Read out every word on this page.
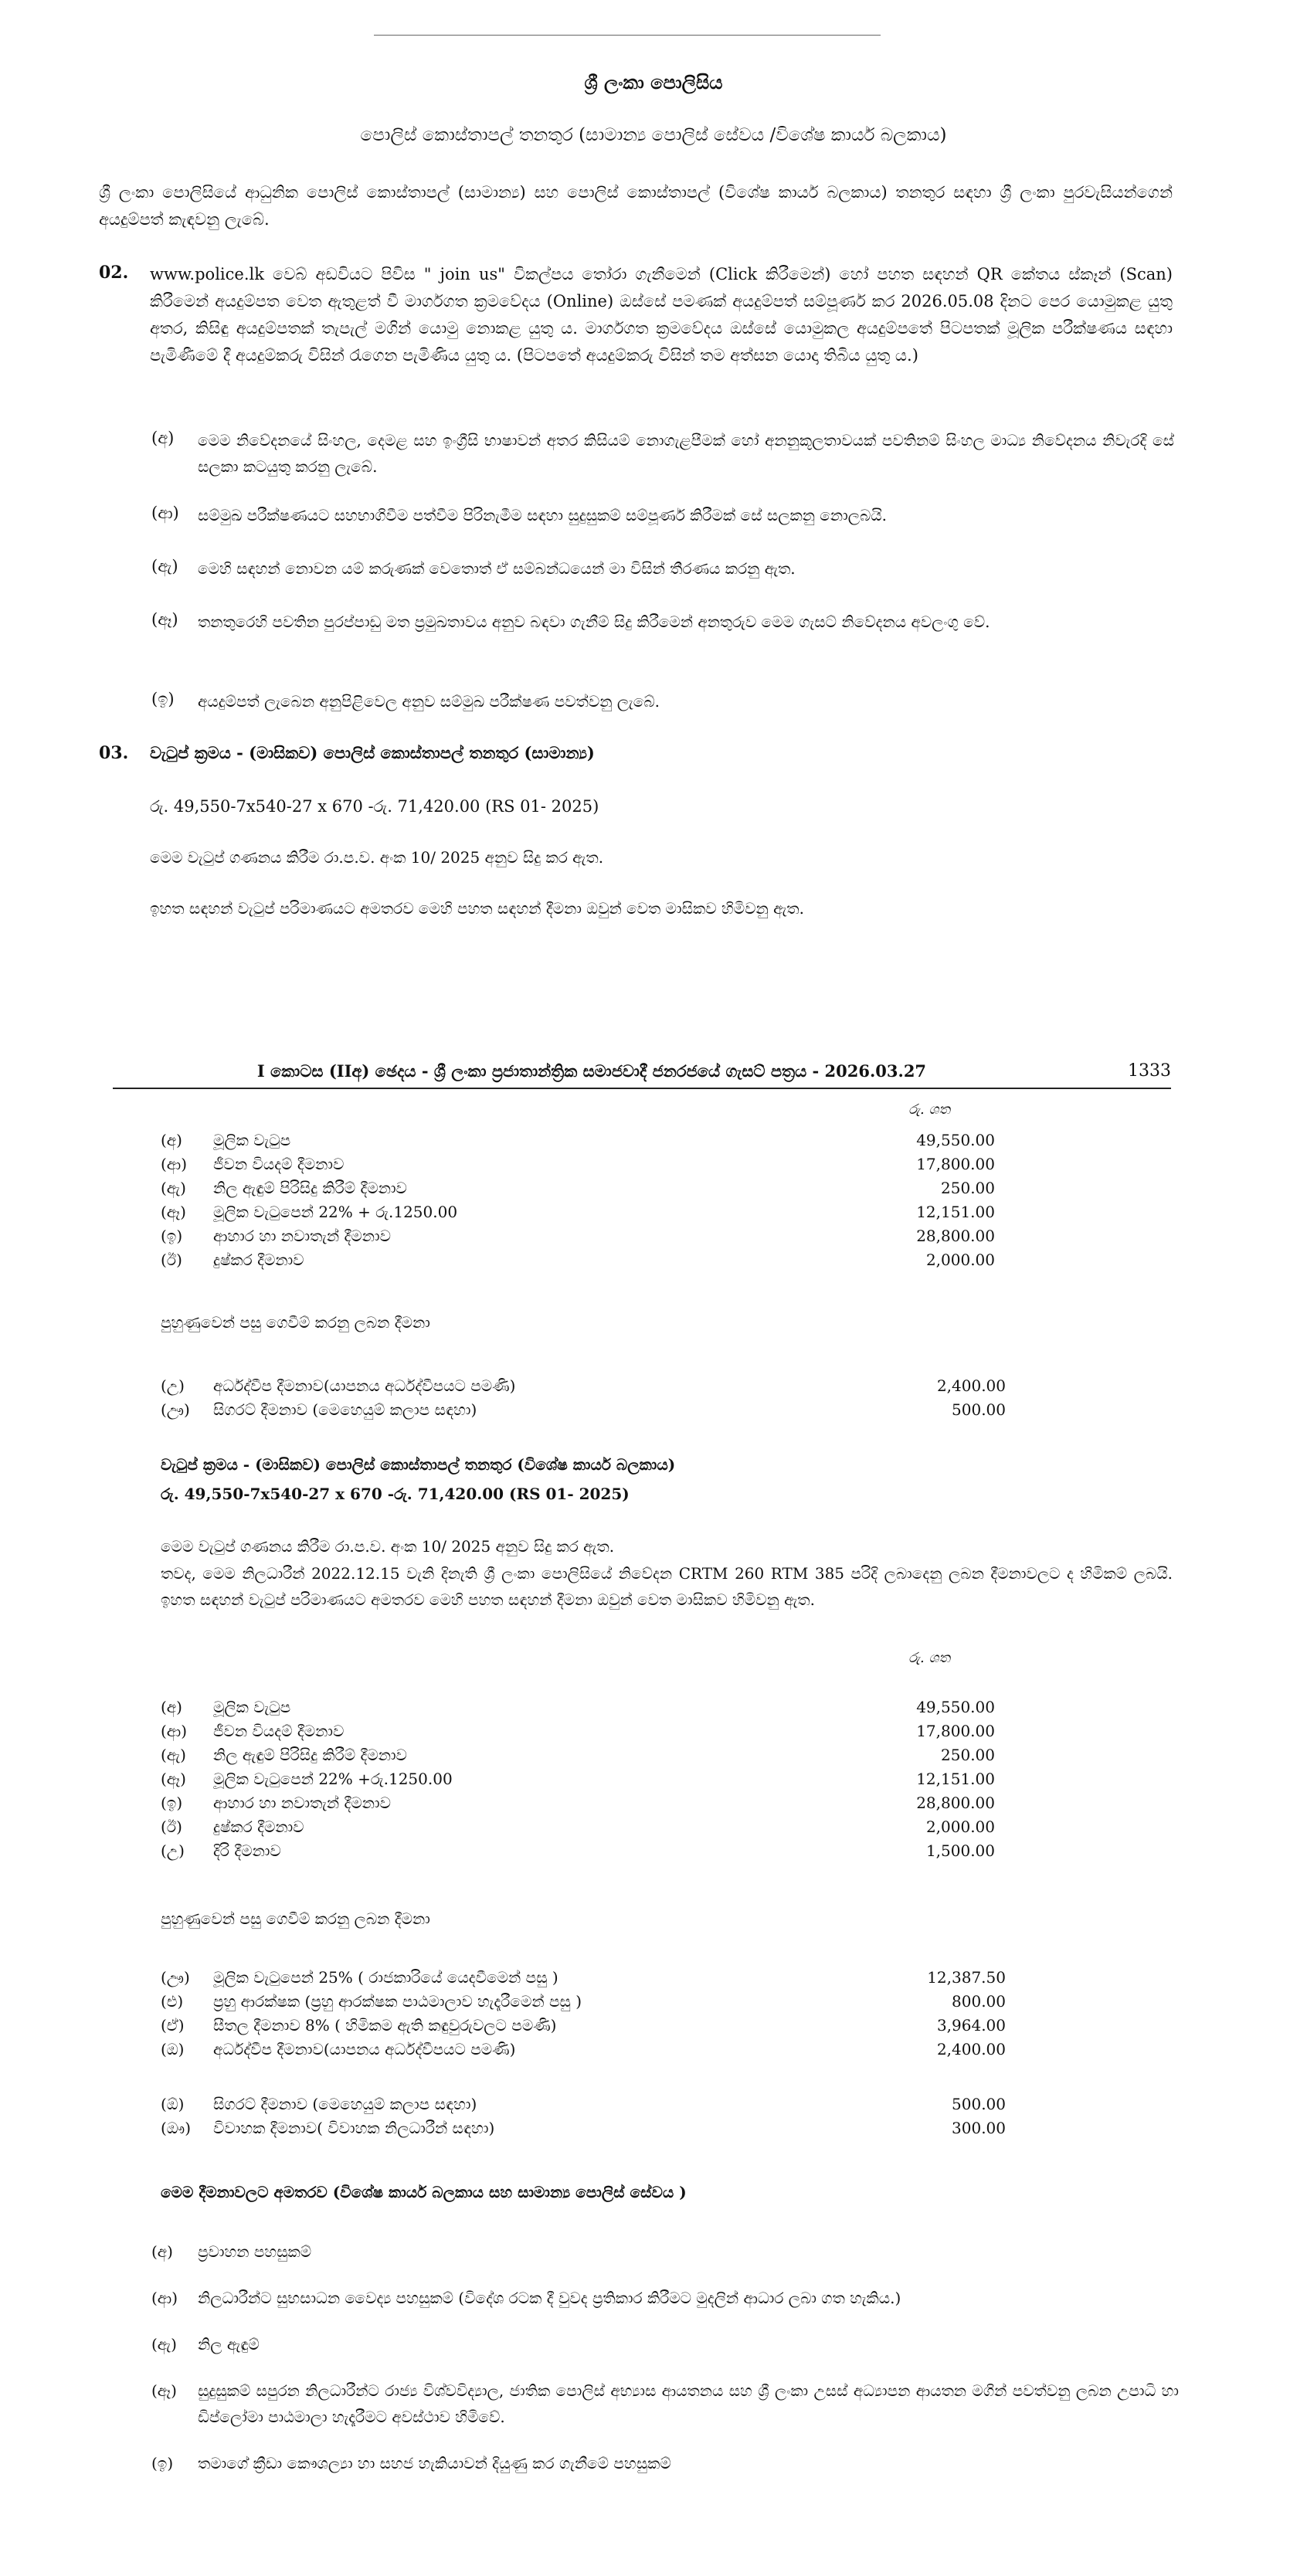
ශ්‍රී ලංකා පොලිසිය
පොලිස් කොස්තාපල් තනතුර (සාමාන්‍ය පොලිස් සේවය /විශේෂ කාර්ය බලකාය)
ශ්‍රී ලංකා පොලිසියේ ආධුනික පොලිස් කොස්තාපල් (සාමාන්‍ය) සහ පොලිස් කොස්තාපල් (විශේෂ කාර්ය බලකාය) තනතුර සඳහා ශ්‍රී ලංකා පුරවැසියන්ගෙන් අයදුම්පත් කැඳවනු ලැබේ.
02. www.police.lk වෙබ් අඩවියට පිවිස " join us" විකල්පය තෝරා ගැනීමෙන් (Click කිරීමෙන්) හෝ පහත සඳහන් QR කේතය ස්කෑන් (Scan) කිරීමෙන් අයදුම්පත වෙත ඇතුළත් වී මාර්ගගත ක්‍රමවේදය (Online) ඔස්සේ පමණක් අයදුම්පත් සම්පූර්ණ කර 2026.05.08 දිනට පෙර යොමුකළ යුතු අතර, කිසිඳු අයදුම්පතක් තැපැල් මගින් යොමු නොකළ යුතු ය. මාර්ගගත ක්‍රමවේදය ඔස්සේ යොමුකල අයදුම්පතේ පිටපතක් මූලික පරීක්ෂණය සඳහා පැමිණීමේ දී අයදුම්කරු විසින් රැගෙන පැමිණිය යුතු ය. (පිටපතේ අයදුම්කරු විසින් තම අත්සන යොදා තිබිය යුතු ය.)
(අ) මෙම නිවේදනයේ සිංහල, දෙමළ සහ ඉංග්‍රීසි භාෂාවන් අතර කිසියම් නොගැළපීමක් හෝ අනනුකූලතාවයක් පවතිනම් සිංහල මාධ්‍ය නිවේදනය නිවැරදි සේ සලකා කටයුතු කරනු ලැබේ.
(ආ) සම්මුඛ පරීක්ෂණයට සහභාගිවීම පත්වීම පිරිනැමීම සඳහා සුදුසුකම් සම්පූර්ණ කිරීමක් සේ සලකනු නොලබයි.
(ඇ) මෙහි සඳහන් නොවන යම් කරුණක් වෙතොත් ඒ සම්බන්ධයෙන් මා විසින් තීරණය කරනු ඇත.
(ඈ) තනතුරෙහි පවතින පුරප්පාඩු මත ප්‍රමුඛතාවය අනුව බඳවා ගැනීම් සිදු කිරීමෙන් අනතුරුව මෙම ගැසට් නිවේදනය අවලංගු වේ.
(ඉ) අයදුම්පත් ලැබෙන අනුපිළිවෙල අනුව සම්මුඛ පරීක්ෂණ පවත්වනු ලැබේ.
03. වැටුප් ක්‍රමය - (මාසිකව) පොලිස් කොස්තාපල් තනතුර (සාමාන්‍ය)
රු. 49,550-7x540-27 x 670 -රු. 71,420.00 (RS 01- 2025)
මෙම වැටුප් ගණනය කිරීම රා.ප.ව. අංක 10/ 2025 අනුව සිදු කර ඇත.
ඉහත සඳහන් වැටුප් පරිමාණයට අමතරව මෙහි පහත සඳහන් දීමනා ඔවුන් වෙත මාසිකව හිමිවනු ඇත.
I කොටස (IIඅ) ඡෙදය - ශ්‍රී ලංකා ප්‍රජාතාන්ත්‍රික සමාජවාදී ජනරජයේ ගැසට් පත්‍රය - 2026.03.27	1333
රු. ශත
(අ) මූලික වැටුප	49,550.00
(ආ) ජීවන වියදම් දීමනාව	17,800.00
(ඇ) නිල ඇඳුම් පිරිසිදු කිරීම් දීමනාව	250.00
(ඈ) මූලික වැටුපෙන් 22% + රු.1250.00	12,151.00
(ඉ) ආහාර හා නවාතැන් දීමනාව	28,800.00
(ඊ) දුෂ්කර දීමනාව	2,000.00
පුහුණුවෙන් පසු ගෙවීම් කරනු ලබන දීමනා
(උ) අර්ධද්වීප දීමනාව(යාපනය අර්ධද්වීපයට පමණි)	2,400.00
(ඌ) සිගරට් දීමනාව (මෙහෙයුම් කලාප සඳහා)	500.00
වැටුප් ක්‍රමය - (මාසිකව) පොලිස් කොස්තාපල් තනතුර (විශේෂ කාර්ය බලකාය)
රු. 49,550-7x540-27 x 670 -රු. 71,420.00 (RS 01- 2025)
මෙම වැටුප් ගණනය කිරීම රා.ප.ව. අංක 10/ 2025 අනුව සිදු කර ඇත.
තවද, මෙම නිලධාරීන් 2022.12.15 වැනි දිනැති ශ්‍රී ලංකා පොලිසියේ නිවේදන CRTM 260 RTM 385 පරිදි ලබාදෙනු ලබන දීමනාවලට ද හිමිකම් ලබයි. ඉහත සඳහන් වැටුප් පරිමාණයට අමතරව මෙහි පහත සඳහන් දීමනා ඔවුන් වෙත මාසිකව හිමිවනු ඇත.
රු. ශත
(අ) මූලික වැටුප	49,550.00
(ආ) ජීවන වියදම් දීමනාව	17,800.00
(ඇ) නිල ඇඳුම් පිරිසිදු කිරීම් දීමනාව	250.00
(ඈ) මූලික වැටුපෙන් 22% +රු.1250.00	12,151.00
(ඉ) ආහාර හා නවාතැන් දීමනාව	28,800.00
(ඊ) දුෂ්කර දීමනාව	2,000.00
(උ) දිරි දීමනාව	1,500.00
පුහුණුවෙන් පසු ගෙවීම් කරනු ලබන දීමනා
(ඌ) මූලික වැටුපෙන් 25% ( රාජකාරියේ යෙදවීමෙන් පසු )	12,387.50
(එ) ප්‍රහු ආරක්ෂක (ප්‍රහු ආරක්ෂක පාඨමාලාව හැදෑරීමෙන් පසු )	800.00
(ඒ) සීතල දීමනාව 8% ( හිමිකම ඇති කඳුවුරුවලට පමණි)	3,964.00
(ඔ) අර්ධද්වීප දීමනාව(යාපනය අර්ධද්වීපයට පමණි)	2,400.00
(ඕ) සිගරට් දීමනාව (මෙහෙයුම් කලාප සඳහා)	500.00
(ඖ) විවාහක දීමනාව( විවාහක නිලධාරීන් සඳහා)	300.00
මෙම දීමනාවලට අමතරව (විශේෂ කාර්ය බලකාය සහ සාමාන්‍ය පොලිස් සේවය )
(අ) ප්‍රවාහන පහසුකම්
(ආ) නිලධාරීන්ට සුභසාධන වෛද්‍ය පහසුකම් (විදේශ රටක දී වුවද ප්‍රතිකාර කිරීමට මුදලින් ආධාර ලබා ගත හැකිය.)
(ඇ) නිල ඇඳුම්
(ඈ) සුදුසුකම් සපුරන නිලධාරීන්ට රාජ්‍ය විශ්වවිද්‍යාල, ජාතික පොලිස් අභ්‍යාස ආයතනය සහ ශ්‍රී ලංකා උසස් අධ්‍යාපන ආයතන මගින් පවත්වනු ලබන උපාධි හා ඩිප්ලෝමා පාඨමාලා හැදෑරීමට අවස්ථාව හිමිවේ.
(ඉ) තමාගේ ක්‍රීඩා කෞශල්‍යා හා සහජ හැකියාවන් දියුණු කර ගැනීමේ පහසුකම්
